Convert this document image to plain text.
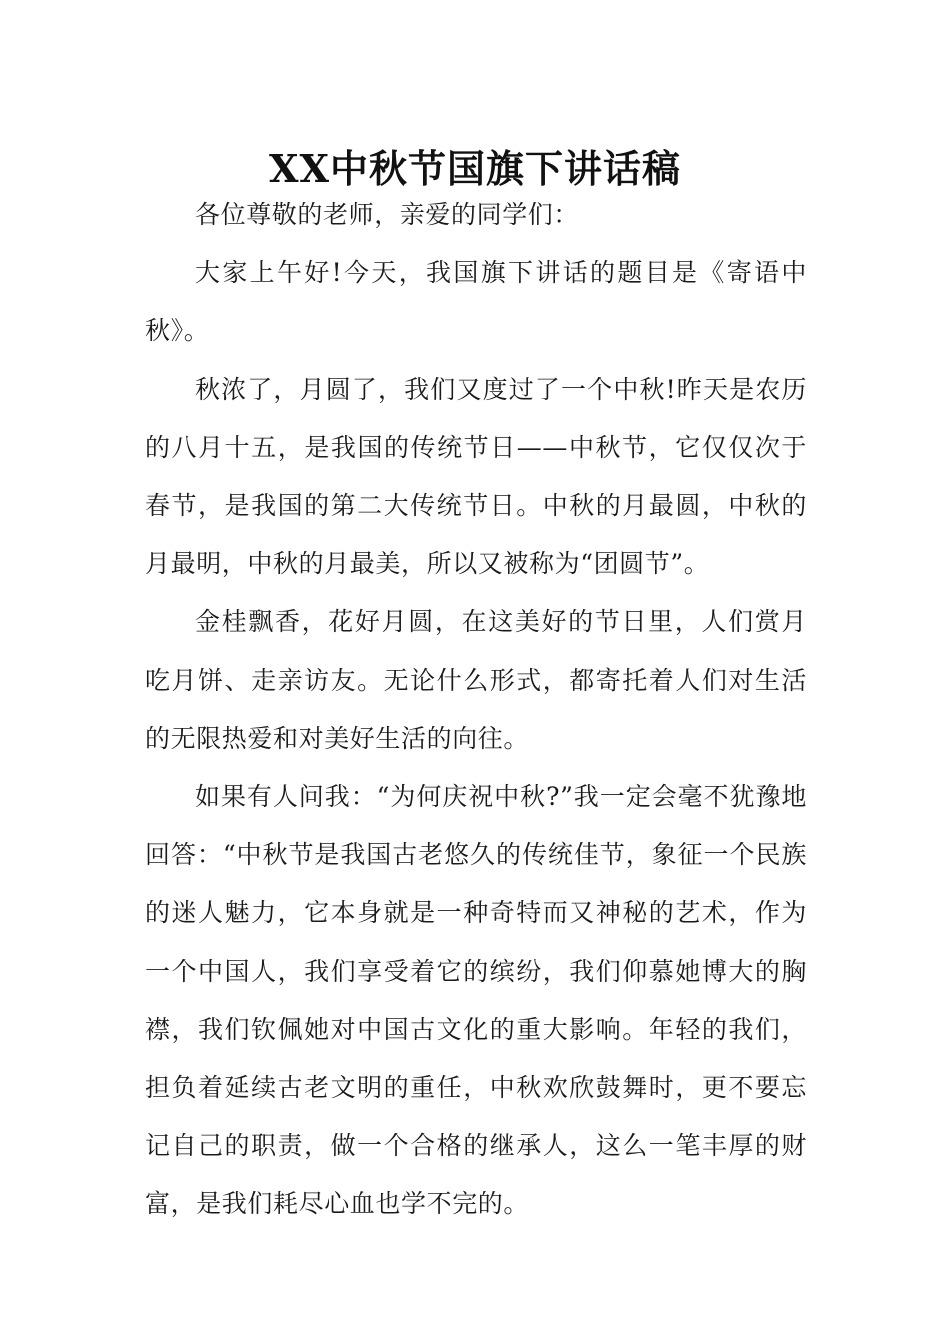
XX中秋节国旗下讲话稿

各位尊敬的老师，亲爱的同学们：

大家上午好!今天，我国旗下讲话的题目是《寄语中秋》。

秋浓了，月圆了，我们又度过了一个中秋!昨天是农历的八月十五，是我国的传统节日——中秋节，它仅仅次于春节，是我国的第二大传统节日。中秋的月最圆，中秋的月最明，中秋的月最美，所以又被称为“团圆节”。

金桂飘香，花好月圆，在这美好的节日里，人们赏月吃月饼、走亲访友。无论什么形式，都寄托着人们对生活的无限热爱和对美好生活的向往。

如果有人问我：“为何庆祝中秋?”我一定会毫不犹豫地回答：“中秋节是我国古老悠久的传统佳节，象征一个民族的迷人魅力，它本身就是一种奇特而又神秘的艺术，作为一个中国人，我们享受着它的缤纷，我们仰慕她博大的胸襟，我们钦佩她对中国古文化的重大影响。年轻的我们，担负着延续古老文明的重任，中秋欢欣鼓舞时，更不要忘记自己的职责，做一个合格的继承人，这么一笔丰厚的财富，是我们耗尽心血也学不完的。
